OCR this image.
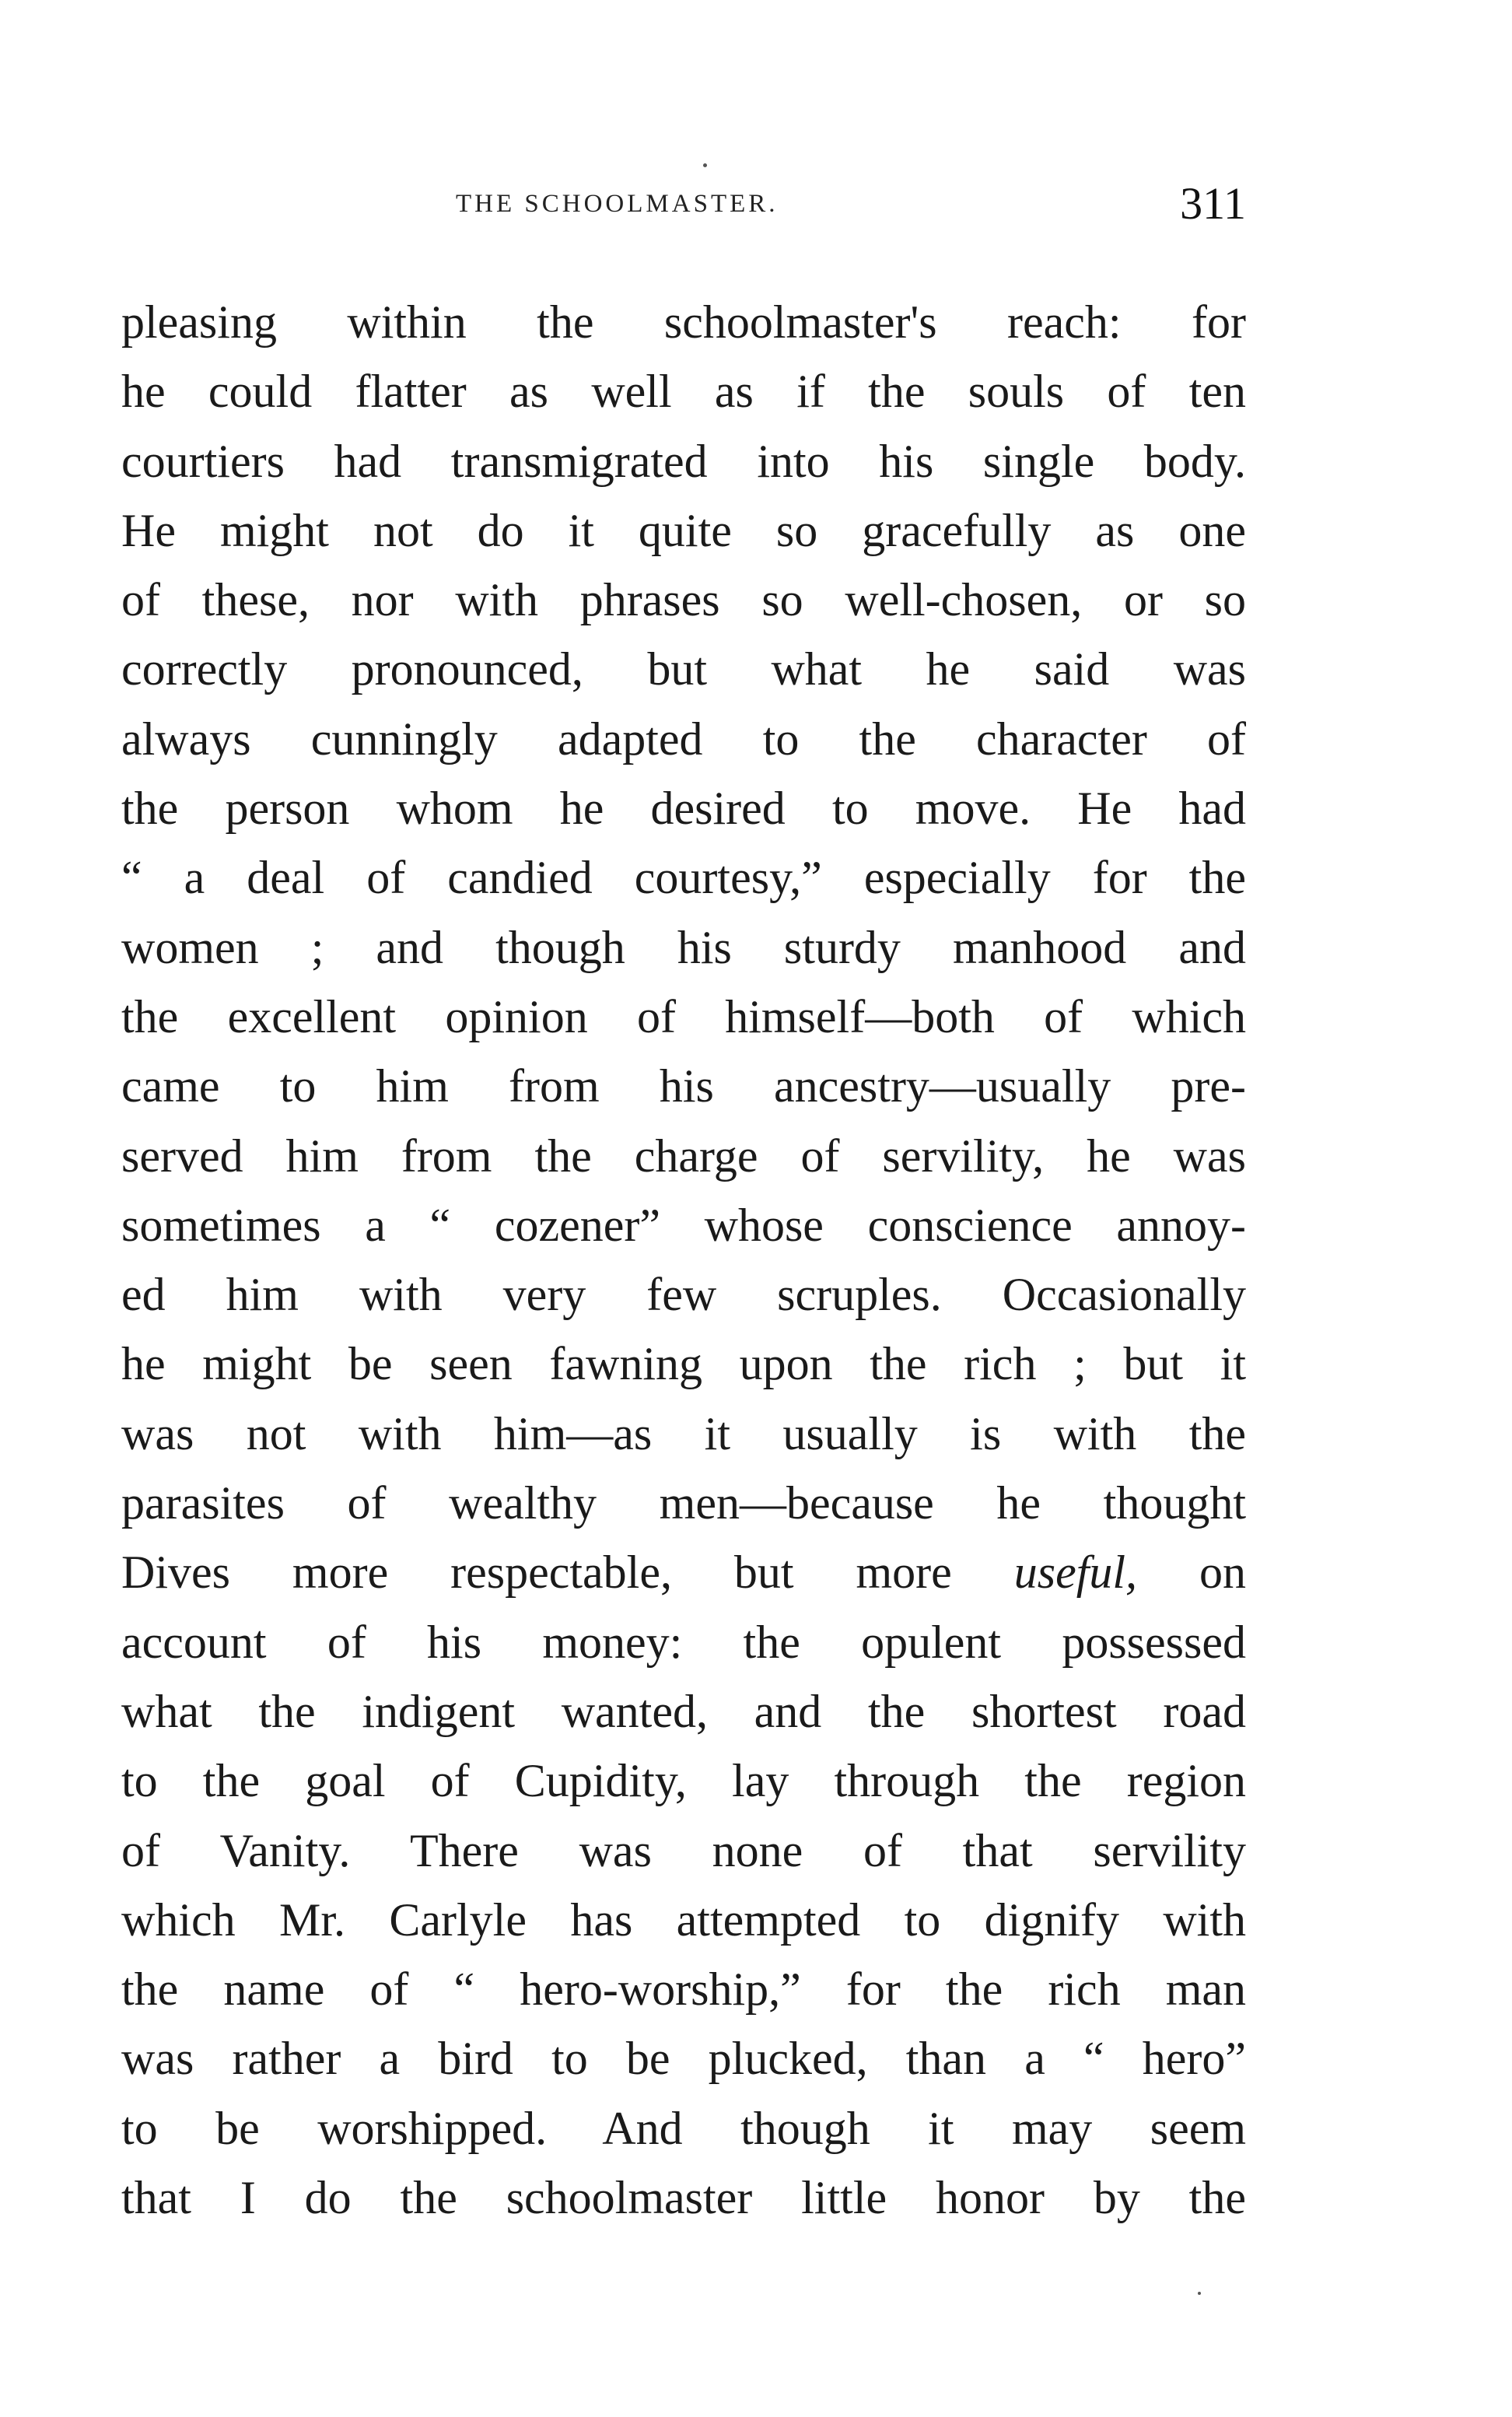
THE SCHOOLMASTER.	311
pleasing within the schoolmaster's reach: for
he could flatter as well as if the souls of ten
courtiers had transmigrated into his single body.
He might not do it quite so gracefully as one
of these, nor with phrases so well-chosen, or so
correctly pronounced, but what he said was
always cunningly adapted to the character of
the person whom he desired to move. He had
“ a deal of candied courtesy,” especially for the
women ; and though his sturdy manhood and
the excellent opinion of himself—both of which
came to him from his ancestry—usually pre-
served him from the charge of servility, he was
sometimes a “ cozener” whose conscience annoy-
ed him with very few scruples. Occasionally
he might be seen fawning upon the rich ; but it
was not with him—as it usually is with the
parasites of wealthy men—because he thought
Dives more respectable, but more useful, on
account of his money: the opulent possessed
what the indigent wanted, and the shortest road
to the goal of Cupidity, lay through the region
of Vanity. There was none of that servility
which Mr. Carlyle has attempted to dignify with
the name of “ hero-worship,” for the rich man
was rather a bird to be plucked, than a “ hero”
to be worshipped. And though it may seem
that I do the schoolmaster little honor by the
